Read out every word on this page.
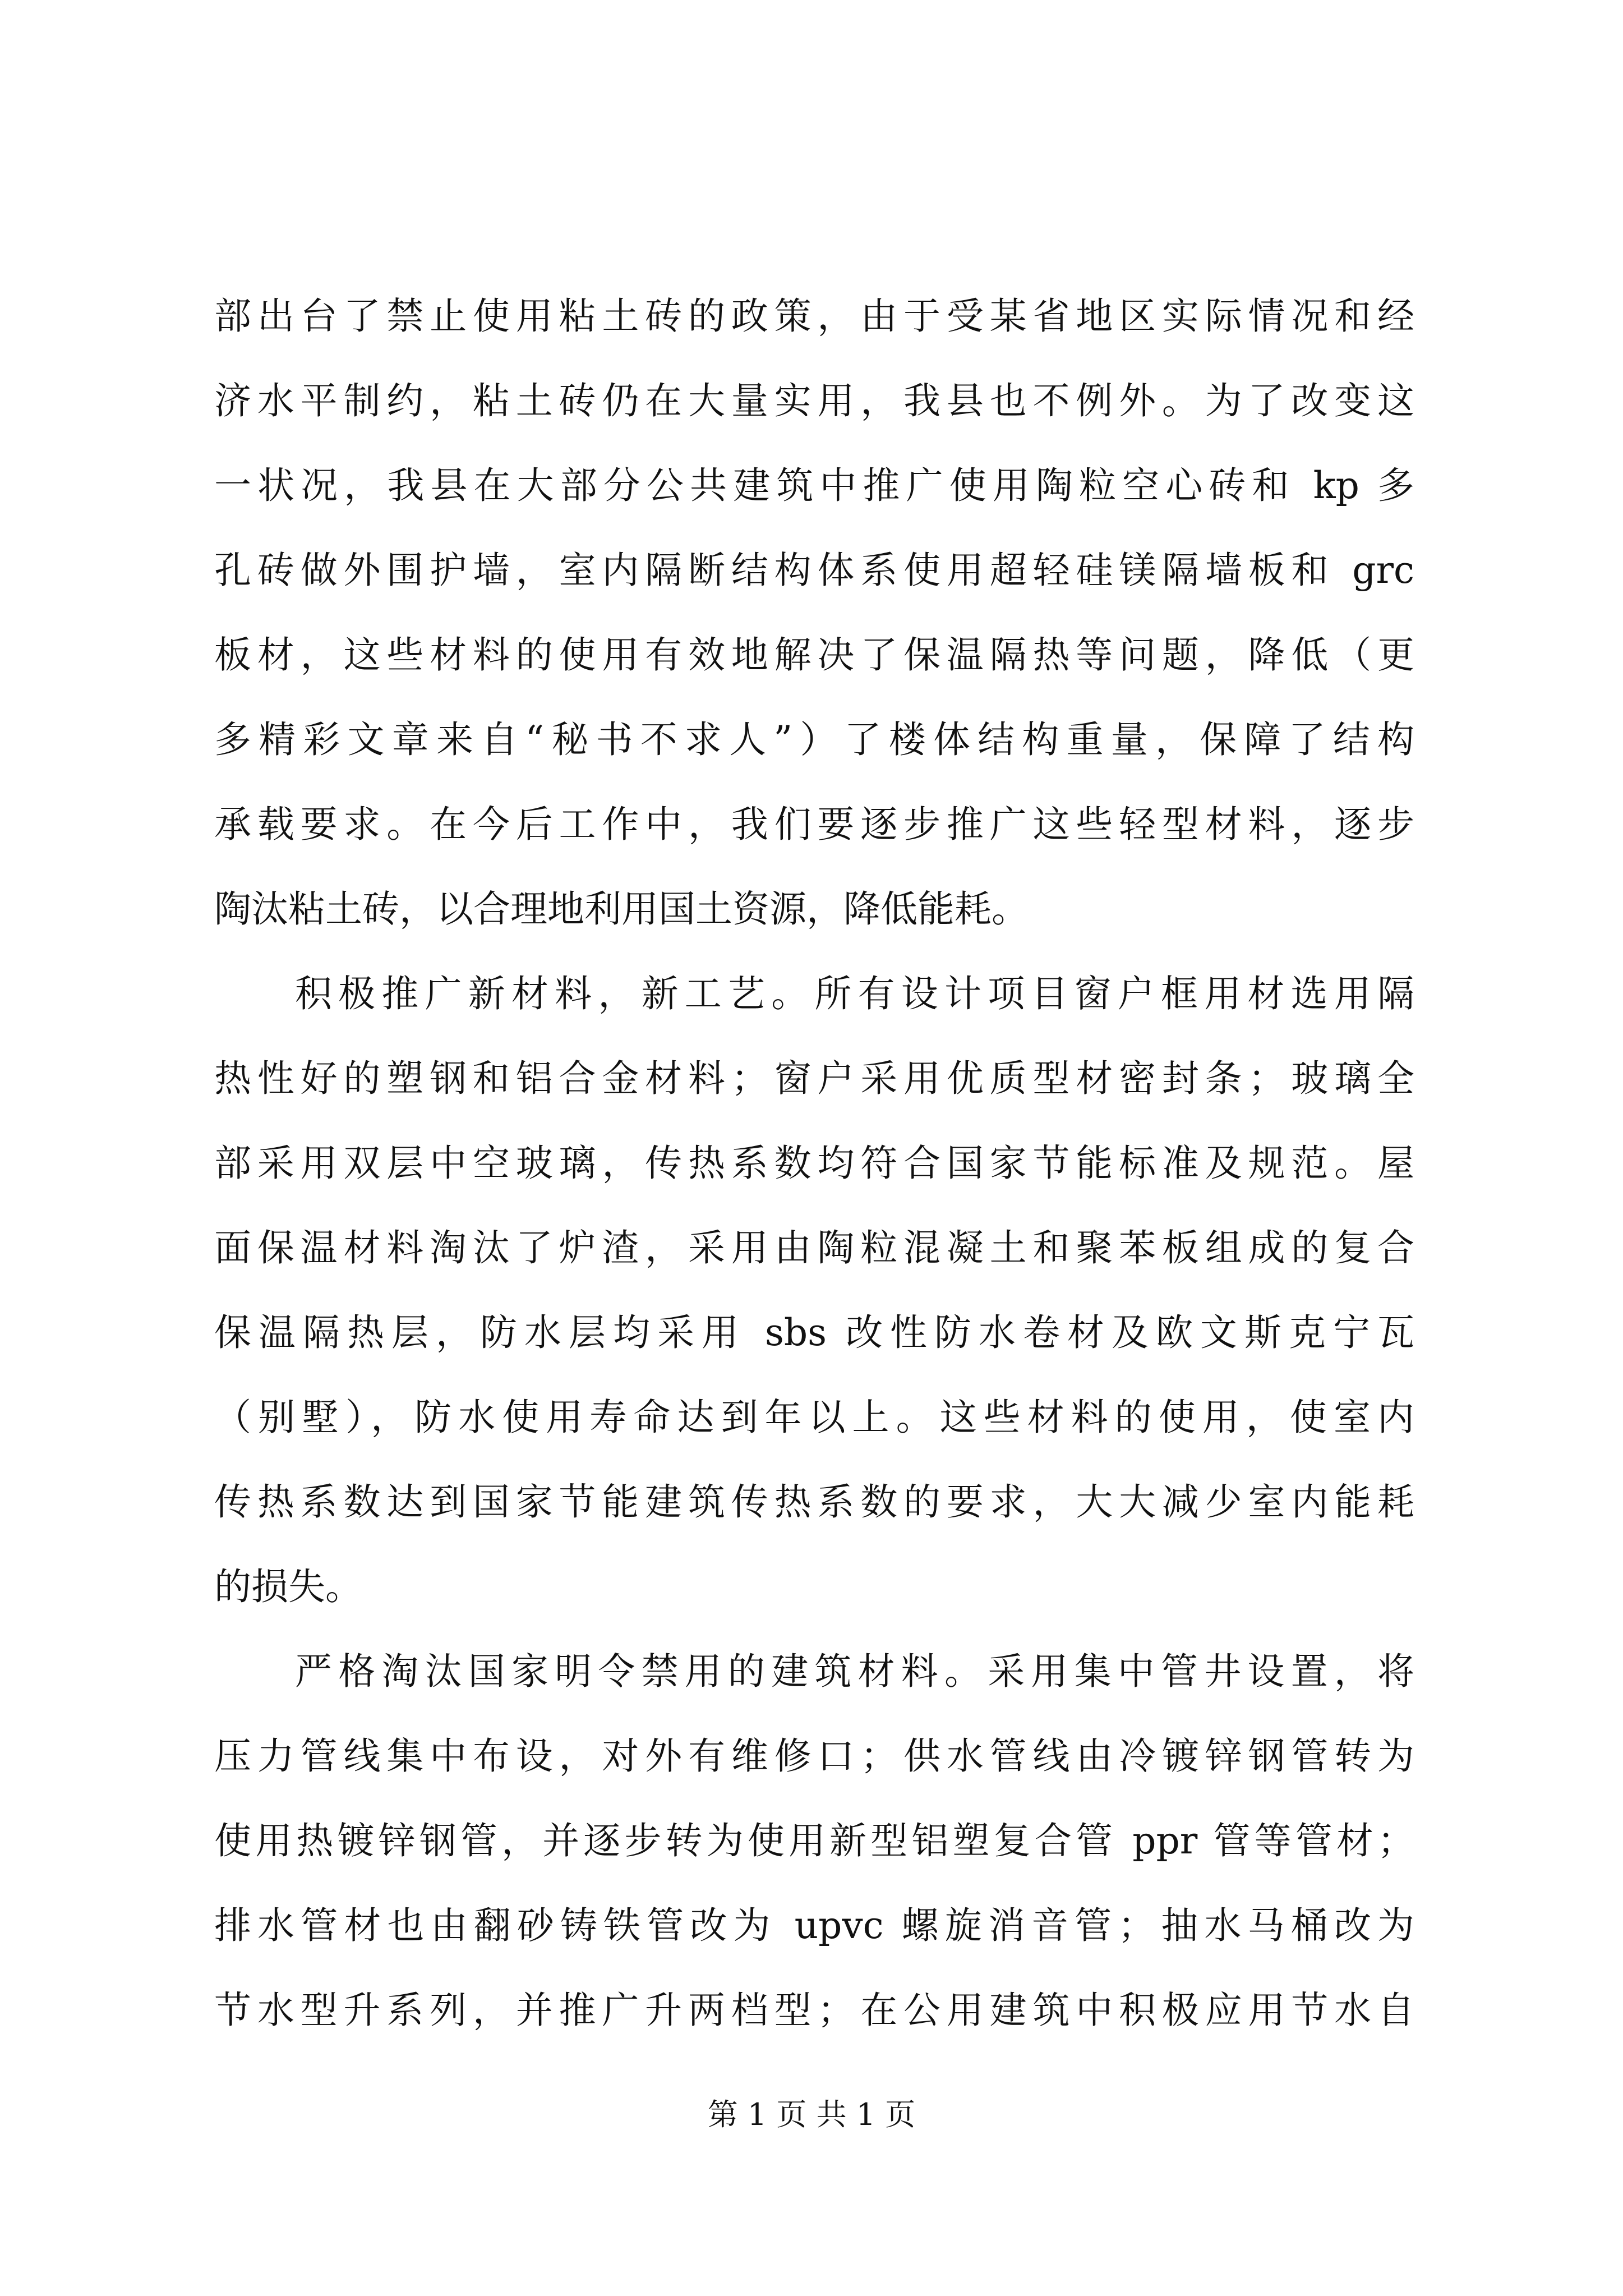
部出台了禁止使用粘土砖的政策，由于受某省地区实际情况和经
济水平制约，粘土砖仍在大量实用，我县也不例外。为了改变这
一状况，我县在大部分公共建筑中推广使用陶粒空心砖和 kp 多
孔砖做外围护墙，室内隔断结构体系使用超轻硅镁隔墙板和 grc
板材，这些材料的使用有效地解决了保温隔热等问题，降低（更
多精彩文章来自“秘书不求人”）了楼体结构重量，保障了结构
承载要求。在今后工作中，我们要逐步推广这些轻型材料，逐步
陶汰粘土砖，以合理地利用国土资源，降低能耗。
积极推广新材料，新工艺。所有设计项目窗户框用材选用隔
热性好的塑钢和铝合金材料；窗户采用优质型材密封条；玻璃全
部采用双层中空玻璃，传热系数均符合国家节能标准及规范。屋
面保温材料淘汰了炉渣，采用由陶粒混凝土和聚苯板组成的复合
保温隔热层，防水层均采用 sbs 改性防水卷材及欧文斯克宁瓦
（别墅），防水使用寿命达到年以上。这些材料的使用，使室内
传热系数达到国家节能建筑传热系数的要求，大大减少室内能耗
的损失。
严格淘汰国家明令禁用的建筑材料。采用集中管井设置，将
压力管线集中布设，对外有维修口；供水管线由冷镀锌钢管转为
使用热镀锌钢管，并逐步转为使用新型铝塑复合管 ppr 管等管材；
排水管材也由翻砂铸铁管改为 upvc 螺旋消音管；抽水马桶改为
节水型升系列，并推广升两档型；在公用建筑中积极应用节水自
第 1 页 共 1 页
